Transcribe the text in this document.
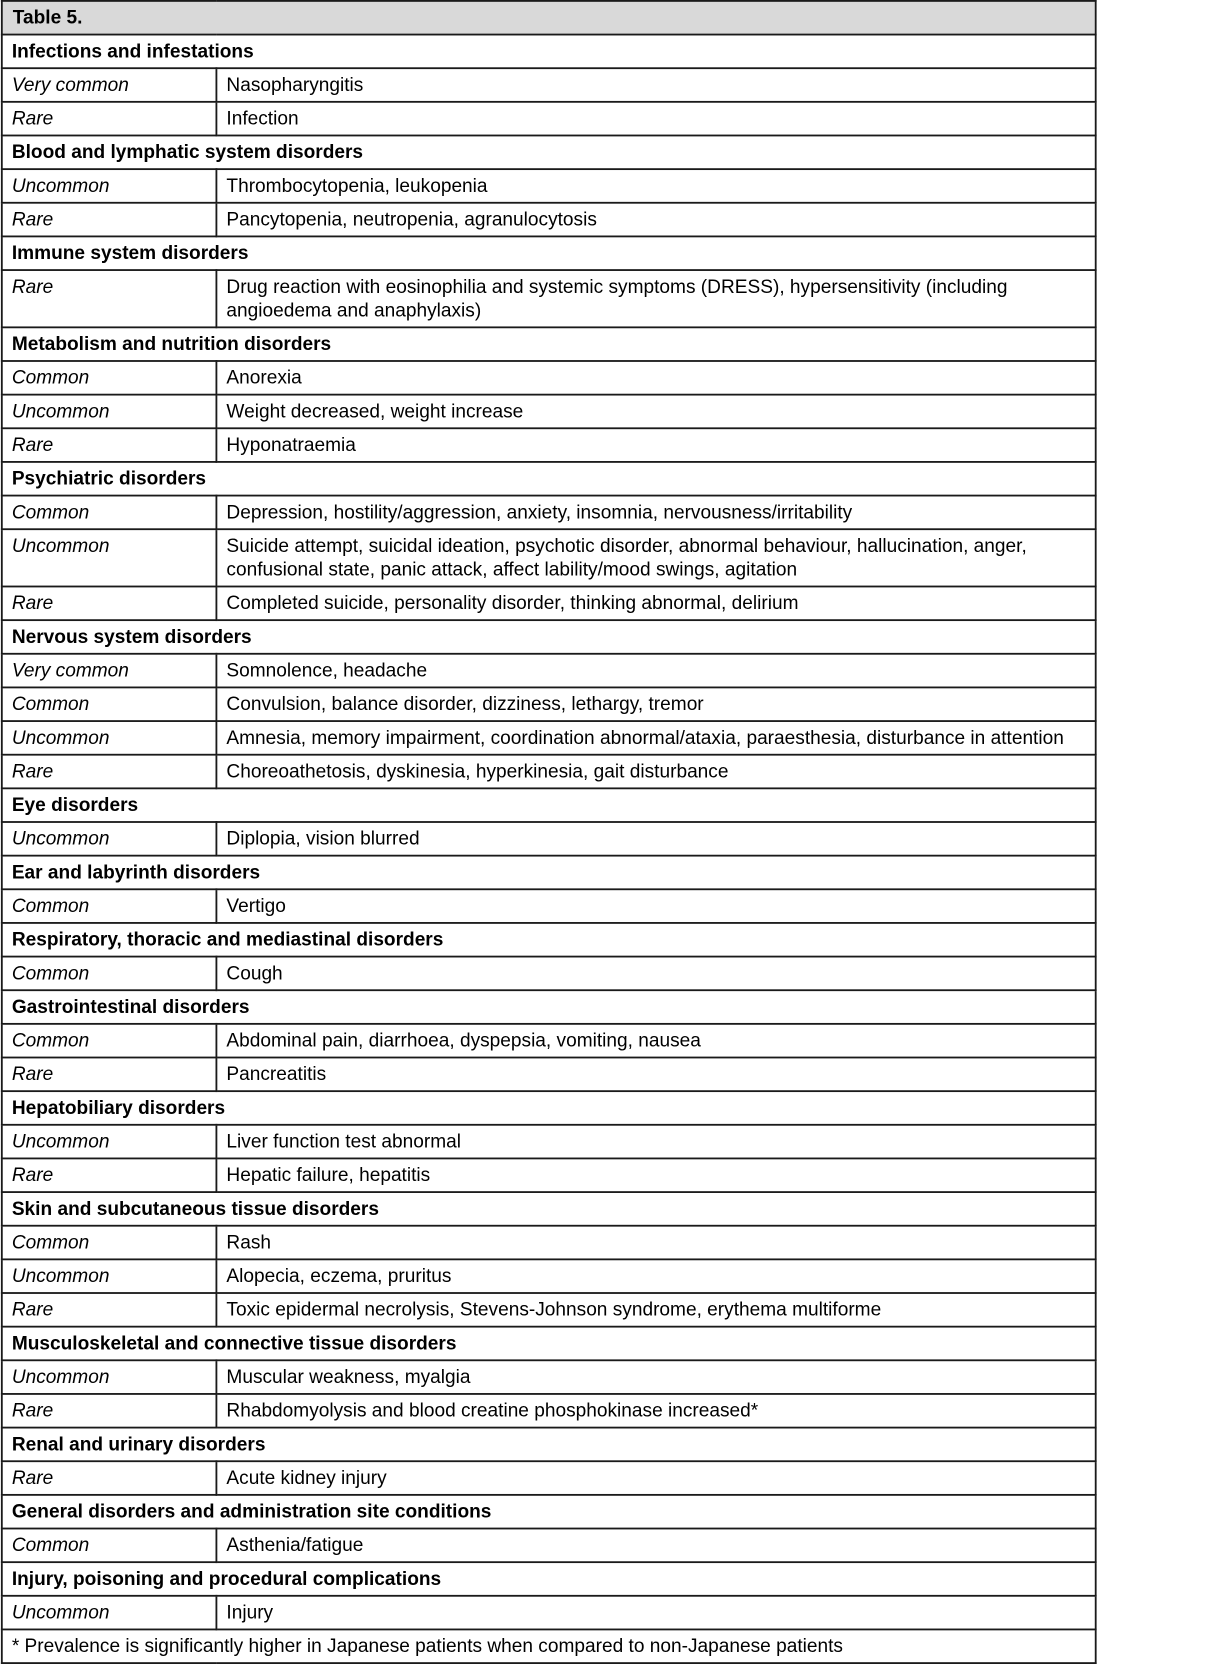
Table 5.	
Infections and infestations	
Very common	Nasopharyngitis
Rare	Infection
Blood and lymphatic system disorders	
Uncommon	Thrombocytopenia, leukopenia
Rare	Pancytopenia, neutropenia, agranulocytosis
Immune system disorders	
Rare	Drug reaction with eosinophilia and systemic symptoms (DRESS), hypersensitivity (including angioedema and anaphylaxis)
Metabolism and nutrition disorders	
Common	Anorexia
Uncommon	Weight decreased, weight increase
Rare	Hyponatraemia
Psychiatric disorders	
Common	Depression, hostility/aggression, anxiety, insomnia, nervousness/irritability
Uncommon	Suicide attempt, suicidal ideation, psychotic disorder, abnormal behaviour, hallucination, anger, confusional state, panic attack, affect lability/mood swings, agitation
Rare	Completed suicide, personality disorder, thinking abnormal, delirium
Nervous system disorders	
Very common	Somnolence, headache
Common	Convulsion, balance disorder, dizziness, lethargy, tremor
Uncommon	Amnesia, memory impairment, coordination abnormal/ataxia, paraesthesia, disturbance in attention
Rare	Choreoathetosis, dyskinesia, hyperkinesia, gait disturbance
Eye disorders	
Uncommon	Diplopia, vision blurred
Ear and labyrinth disorders	
Common	Vertigo
Respiratory, thoracic and mediastinal disorders	
Common	Cough
Gastrointestinal disorders	
Common	Abdominal pain, diarrhoea, dyspepsia, vomiting, nausea
Rare	Pancreatitis
Hepatobiliary disorders	
Uncommon	Liver function test abnormal
Rare	Hepatic failure, hepatitis
Skin and subcutaneous tissue disorders	
Common	Rash
Uncommon	Alopecia, eczema, pruritus
Rare	Toxic epidermal necrolysis, Stevens-Johnson syndrome, erythema multiforme
Musculoskeletal and connective tissue disorders	
Uncommon	Muscular weakness, myalgia
Rare	Rhabdomyolysis and blood creatine phosphokinase increased*
Renal and urinary disorders	
Rare	Acute kidney injury
General disorders and administration site conditions	
Common	Asthenia/fatigue
Injury, poisoning and procedural complications	
Uncommon	Injury
* Prevalence is significantly higher in Japanese patients when compared to non-Japanese patients	
